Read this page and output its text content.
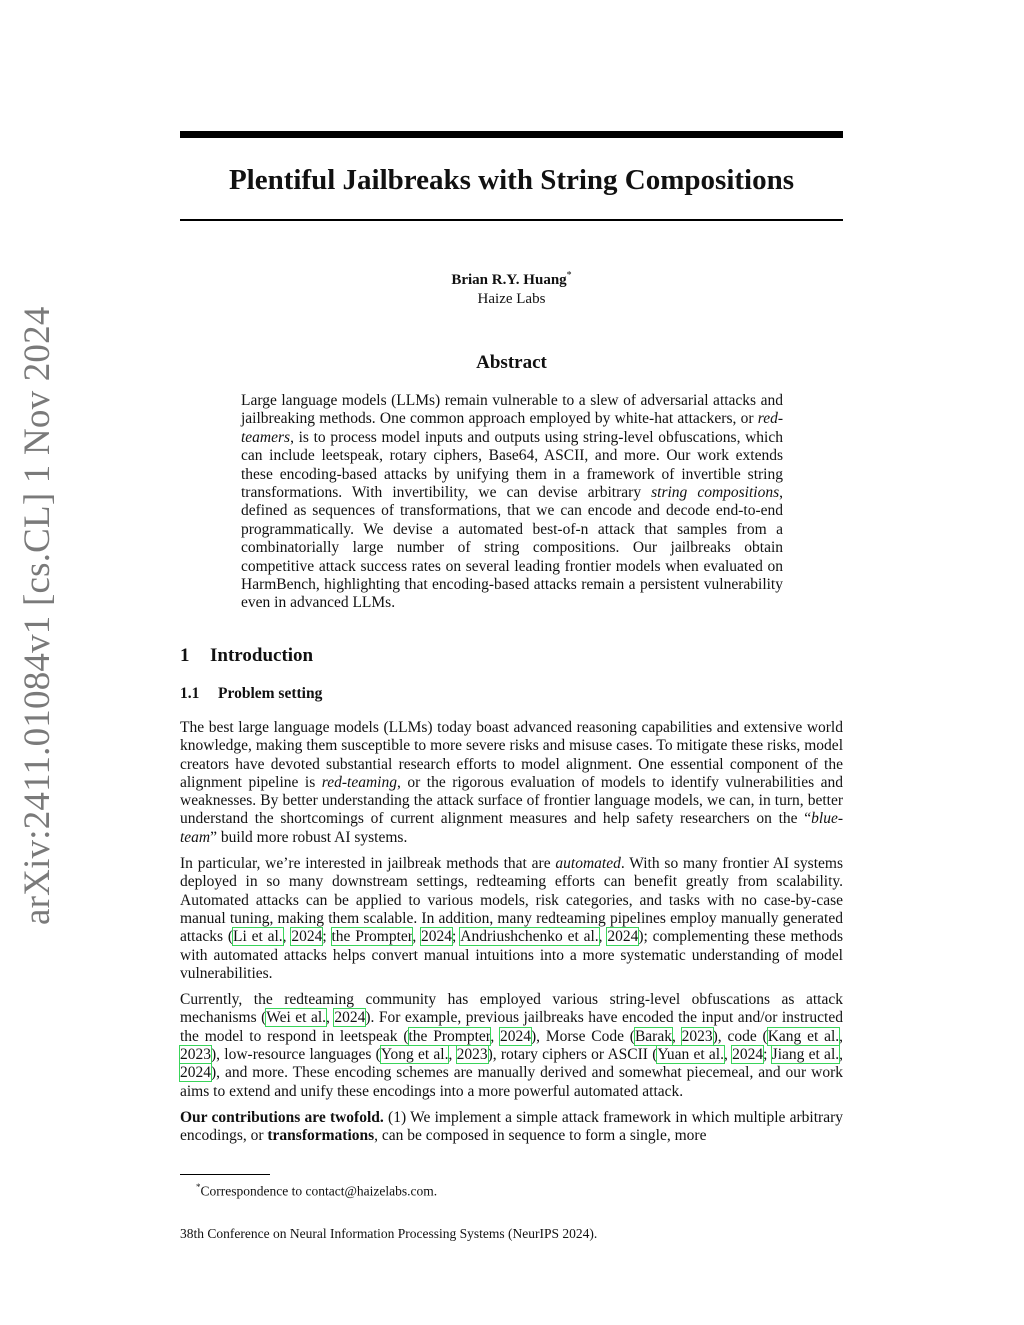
arXiv:2411.01084v1 [cs.CL] 1 Nov 2024
Plentiful Jailbreaks with String Compositions
Brian R.Y. Huang*
Haize Labs
Abstract

Large language models (LLMs) remain vulnerable to a slew of adversarial attacks and jailbreaking methods. One common approach employed by white-hat attackers, or red-teamers, is to process model inputs and outputs using string-level obfuscations, which can include leetspeak, rotary ciphers, Base64, ASCII, and more. Our work extends these encoding-based attacks by unifying them in a framework of invertible string transformations. With invertibility, we can devise arbitrary string compositions, defined as sequences of transformations, that we can encode and decode end-to-end programmatically. We devise a automated best-of-n attack that samples from a combinatorially large number of string compositions. Our jailbreaks obtain competitive attack success rates on several leading frontier models when evaluated on HarmBench, highlighting that encoding-based attacks remain a persistent vulnerability even in advanced LLMs.

1 Introduction
1.1 Problem setting

The best large language models (LLMs) today boast advanced reasoning capabilities and extensive world knowledge, making them susceptible to more severe risks and misuse cases. To mitigate these risks, model creators have devoted substantial research efforts to model alignment. One essential component of the alignment pipeline is red-teaming, or the rigorous evaluation of models to identify vulnerabilities and weaknesses. By better understanding the attack surface of frontier language models, we can, in turn, better understand the shortcomings of current alignment measures and help safety researchers on the “blue-team” build more robust AI systems.

In particular, we’re interested in jailbreak methods that are automated. With so many frontier AI systems deployed in so many downstream settings, redteaming efforts can benefit greatly from scalability. Automated attacks can be applied to various models, risk categories, and tasks with no case-by-case manual tuning, making them scalable. In addition, many redteaming pipelines employ manually generated attacks (Li et al., 2024; the Prompter, 2024; Andriushchenko et al., 2024); complementing these methods with automated attacks helps convert manual intuitions into a more systematic understanding of model vulnerabilities.

Currently, the redteaming community has employed various string-level obfuscations as attack mechanisms (Wei et al., 2024). For example, previous jailbreaks have encoded the input and/or instructed the model to respond in leetspeak (the Prompter, 2024), Morse Code (Barak, 2023), code (Kang et al., 2023), low-resource languages (Yong et al., 2023), rotary ciphers or ASCII (Yuan et al., 2024; Jiang et al., 2024), and more. These encoding schemes are manually derived and somewhat piecemeal, and our work aims to extend and unify these encodings into a more powerful automated attack.

Our contributions are twofold. (1) We implement a simple attack framework in which multiple arbitrary encodings, or transformations, can be composed in sequence to form a single, more

*Correspondence to contact@haizelabs.com.
38th Conference on Neural Information Processing Systems (NeurIPS 2024).
